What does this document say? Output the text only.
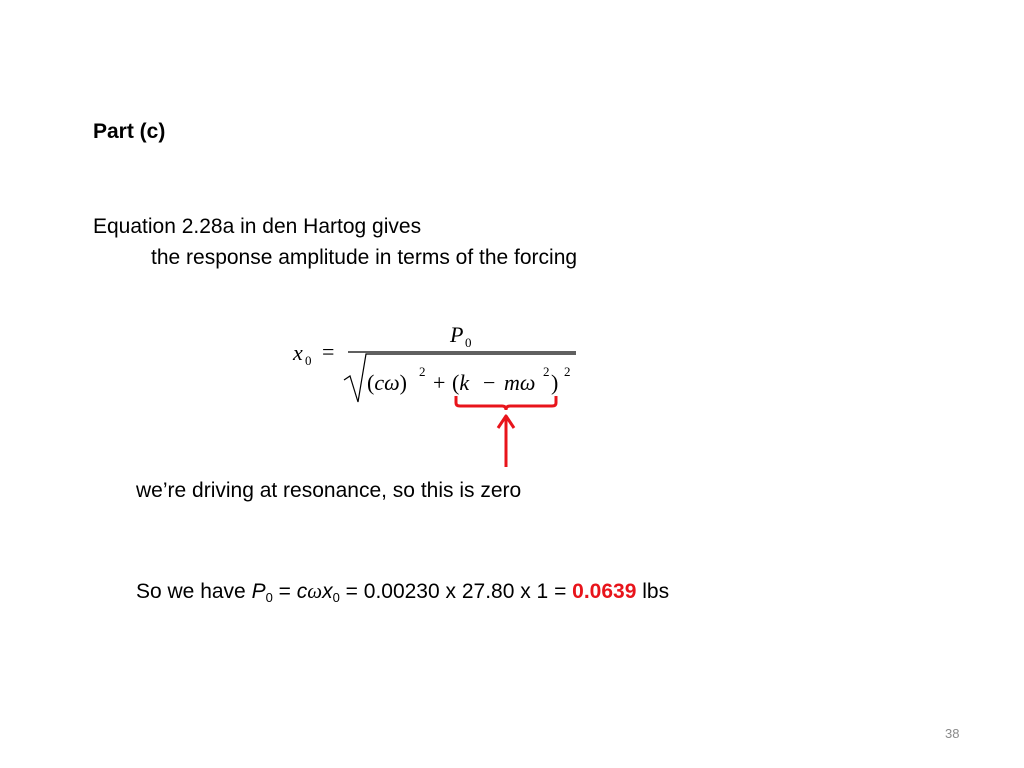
Part (c)
Equation 2.28a in den Hartog gives
the response amplitude in terms of the forcing
x 0 =
P 0
(cω) 2 + (k − mω 2 ) 2
we’re driving at resonance, so this is zero
So we have $P_0 = c\omega x_0 = 0.00230$ x 27.80 x 1 = 0.0639 lbs
38
